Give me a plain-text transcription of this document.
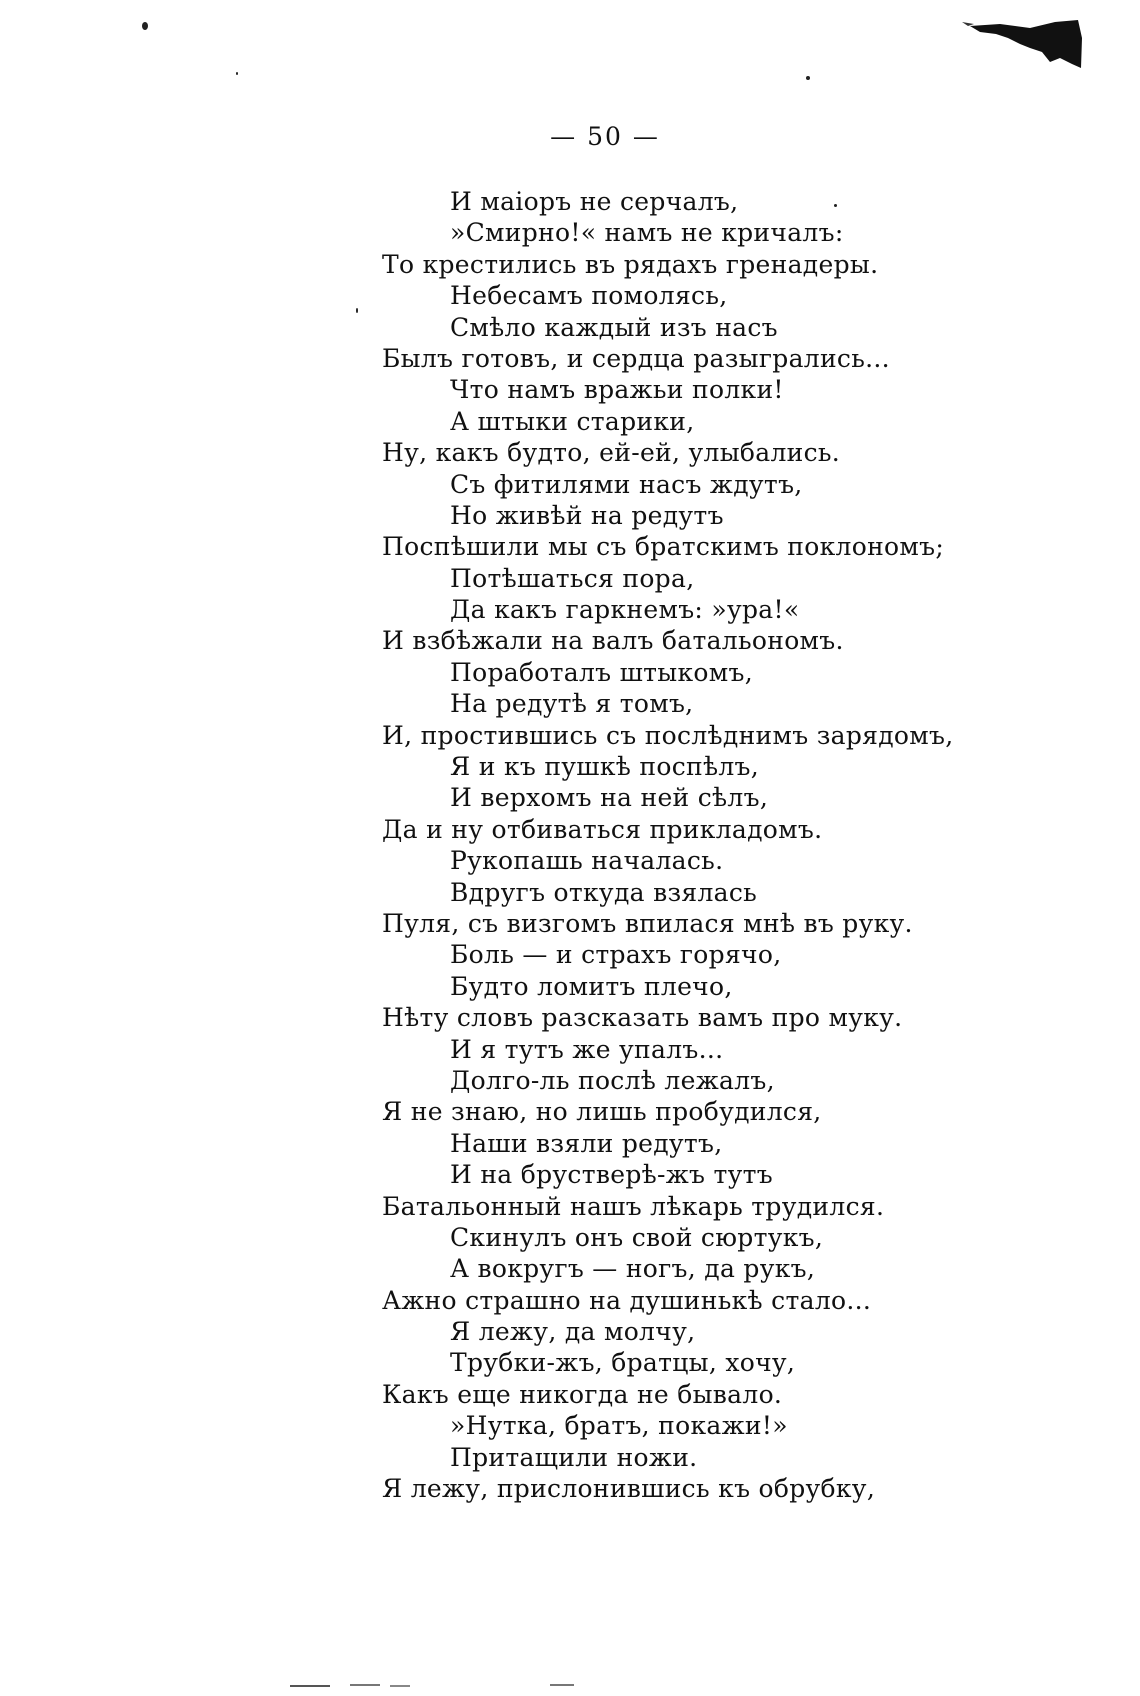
— 50 —
И маіоръ не серчалъ,
»Смирно!« намъ не кричалъ:
То крестились въ рядахъ гренадеры.
Небесамъ помолясь,
Смѣло каждый изъ насъ
Былъ готовъ, и сердца разыгрались...
Что намъ вражьи полки!
А штыки старики,
Ну, какъ будто, ей-ей, улыбались.
Съ фитилями насъ ждутъ,
Но живѣй на редутъ
Поспѣшили мы съ братскимъ поклономъ;
Потѣшаться пора,
Да какъ гаркнемъ: »ура!«
И взбѣжали на валъ батальономъ.
Поработалъ штыкомъ,
На редутѣ я томъ,
И, простившись съ послѣднимъ зарядомъ,
Я и къ пушкѣ поспѣлъ,
И верхомъ на ней сѣлъ,
Да и ну отбиваться прикладомъ.
Рукопашь началась.
Вдругъ откуда взялась
Пуля, съ визгомъ впилася мнѣ въ руку.
Боль — и страхъ горячо,
Будто ломитъ плечо,
Нѣту словъ разсказать вамъ про муку.
И я тутъ же упалъ...
Долго-ль послѣ лежалъ,
Я не знаю, но лишь пробудился,
Наши взяли редутъ,
И на брустверѣ-жъ тутъ
Батальонный нашъ лѣкарь трудился.
Скинулъ онъ свой сюртукъ,
А вокругъ — ногъ, да рукъ,
Ажно страшно на душинькѣ стало...
Я лежу, да молчу,
Трубки-жъ, братцы, хочу,
Какъ еще никогда не бывало.
»Нутка, братъ, покажи!»
Притащили ножи.
Я лежу, прислонившись къ обрубку,
